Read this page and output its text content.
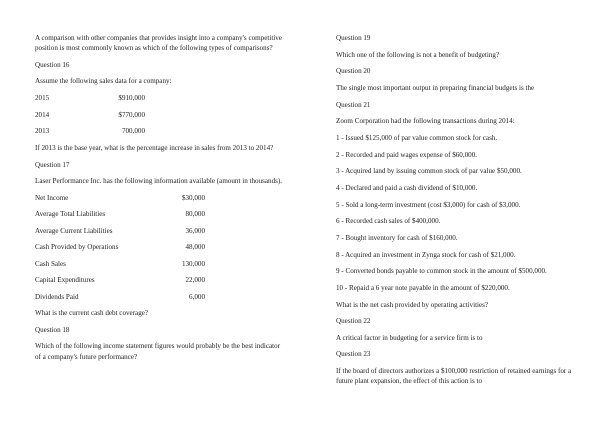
A comparison with other companies that provides insight into a company's competitive position is most commonly known as which of the following types of comparisons?

Question 16

Assume the following sales data for a company:

2015	$910,000
2014	$770,000
2013	700,000

If 2013 is the base year, what is the percentage increase in sales from 2013 to 2014?

Question 17

Laser Performance Inc. has the following information available (amount in thousands).

Net Income	$30,000
Average Total Liabilities	80,000
Average Current Liabilities	36,000
Cash Provided by Operations	48,000
Cash Sales	130,000
Capital Expenditures	22,000
Dividends Paid	6,000

What is the current cash debt coverage?

Question 18

Which of the following income statement figures would probably be the best indicator of a company's future performance?

Question 19

Which one of the following is not a benefit of budgeting?

Question 20

The single most important output in preparing financial budgets is the

Question 21

Zoom Corporation had the following transactions during 2014:

1 - Issued $125,000 of par value common stock for cash.

2 - Recorded and paid wages expense of $60,000.

3 - Acquired land by issuing common stock of par value $50,000.

4 - Declared and paid a cash dividend of $10,000.

5 - Sold a long-term investment (cost $3,000) for cash of $3,000.

6 - Recorded cash sales of $400,000.

7 - Bought inventory for cash of $160,000.

8 - Acquired an investment in Zynga stock for cash of $21,000.

9 - Converted bonds payable to common stock in the amount of $500,000.

10 - Repaid a 6 year note payable in the amount of $220,000.

What is the net cash provided by operating activities?

Question 22

A critical factor in budgeting for a service firm is to

Question 23

If the board of directors authorizes a $100,000 restriction of retained earnings for a future plant expansion, the effect of this action is to
